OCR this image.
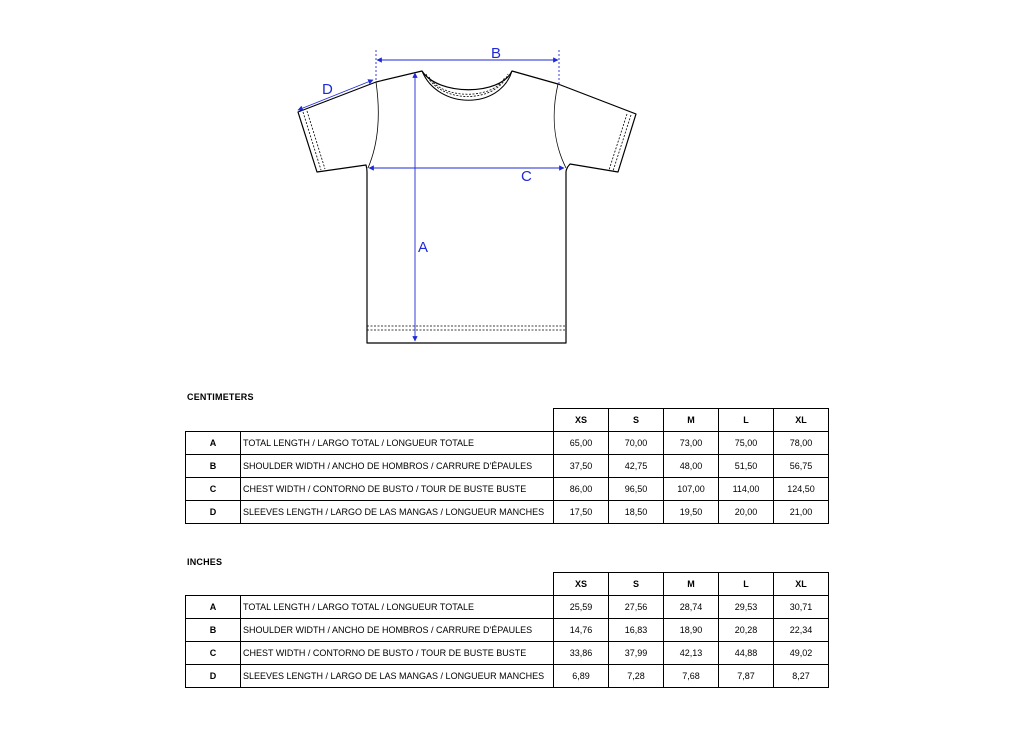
B
D
C
A
CENTIMETERS
		XS	S	M	L	XL
A	TOTAL LENGTH / LARGO TOTAL / LONGUEUR TOTALE	65,00	70,00	73,00	75,00	78,00
B	SHOULDER WIDTH / ANCHO DE HOMBROS / CARRURE D'ÉPAULES	37,50	42,75	48,00	51,50	56,75
C	CHEST WIDTH / CONTORNO DE BUSTO / TOUR DE BUSTE BUSTE	86,00	96,50	107,00	114,00	124,50
D	SLEEVES LENGTH / LARGO DE LAS MANGAS / LONGUEUR MANCHES	17,50	18,50	19,50	20,00	21,00
INCHES
		XS	S	M	L	XL
A	TOTAL LENGTH / LARGO TOTAL / LONGUEUR TOTALE	25,59	27,56	28,74	29,53	30,71
B	SHOULDER WIDTH / ANCHO DE HOMBROS / CARRURE D'ÉPAULES	14,76	16,83	18,90	20,28	22,34
C	CHEST WIDTH / CONTORNO DE BUSTO / TOUR DE BUSTE BUSTE	33,86	37,99	42,13	44,88	49,02
D	SLEEVES LENGTH / LARGO DE LAS MANGAS / LONGUEUR MANCHES	6,89	7,28	7,68	7,87	8,27
